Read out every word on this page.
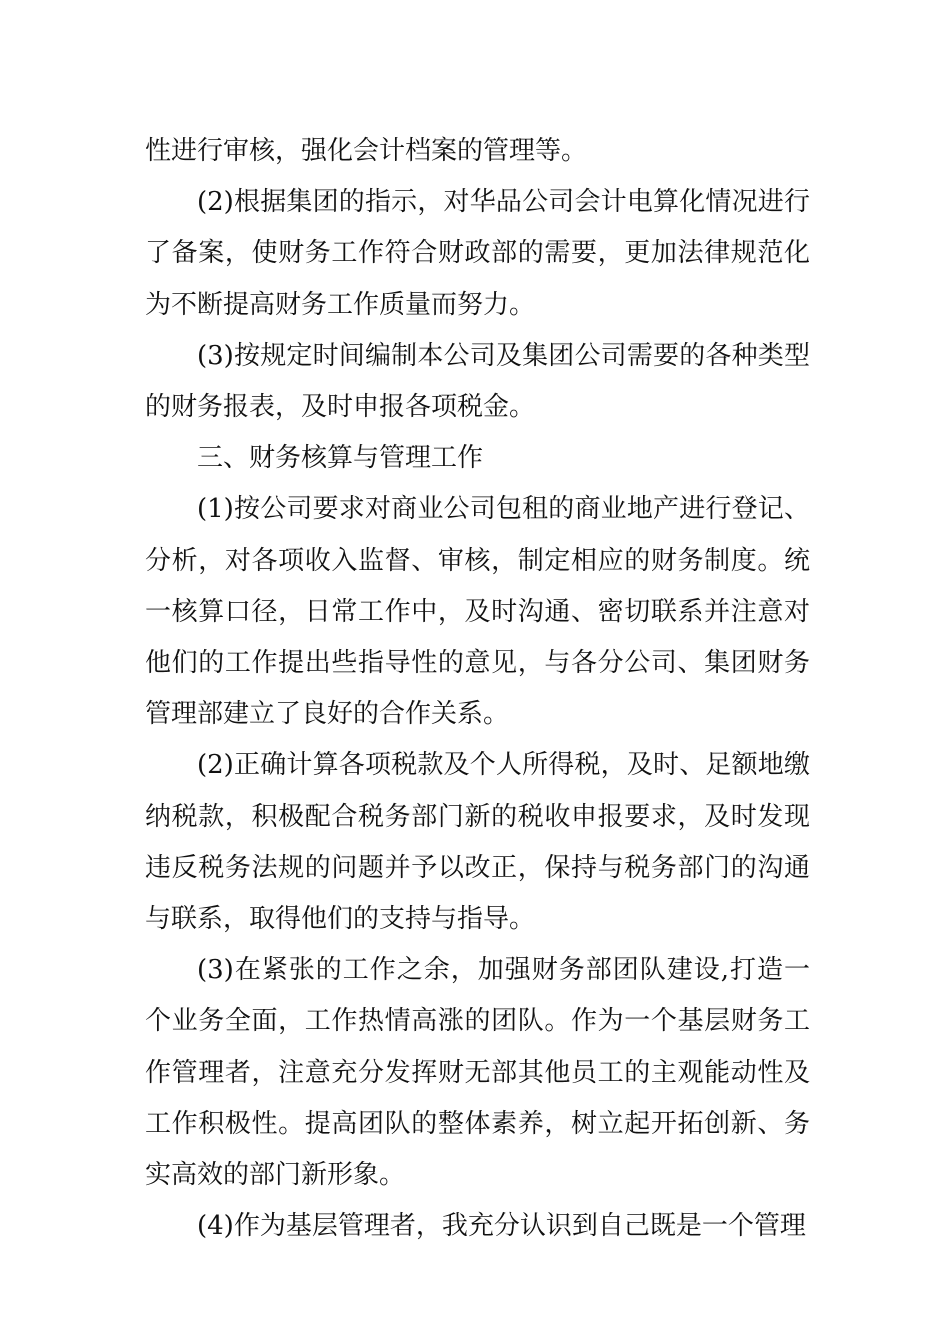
性进行审核，强化会计档案的管理等。

(2)根据集团的指示，对华品公司会计电算化情况进行了备案，使财务工作符合财政部的需要，更加法律规范化为不断提高财务工作质量而努力。

(3)按规定时间编制本公司及集团公司需要的各种类型的财务报表，及时申报各项税金。

三、财务核算与管理工作

(1)按公司要求对商业公司包租的商业地产进行登记、分析，对各项收入监督、审核，制定相应的财务制度。统一核算口径，日常工作中，及时沟通、密切联系并注意对他们的工作提出些指导性的意见，与各分公司、集团财务管理部建立了良好的合作关系。

(2)正确计算各项税款及个人所得税，及时、足额地缴纳税款，积极配合税务部门新的税收申报要求，及时发现违反税务法规的问题并予以改正，保持与税务部门的沟通与联系，取得他们的支持与指导。

(3)在紧张的工作之余，加强财务部团队建设,打造一个业务全面，工作热情高涨的团队。作为一个基层财务工作管理者，注意充分发挥财无部其他员工的主观能动性及工作积极性。提高团队的整体素养，树立起开拓创新、务实高效的部门新形象。

(4)作为基层管理者，我充分认识到自己既是一个管理
